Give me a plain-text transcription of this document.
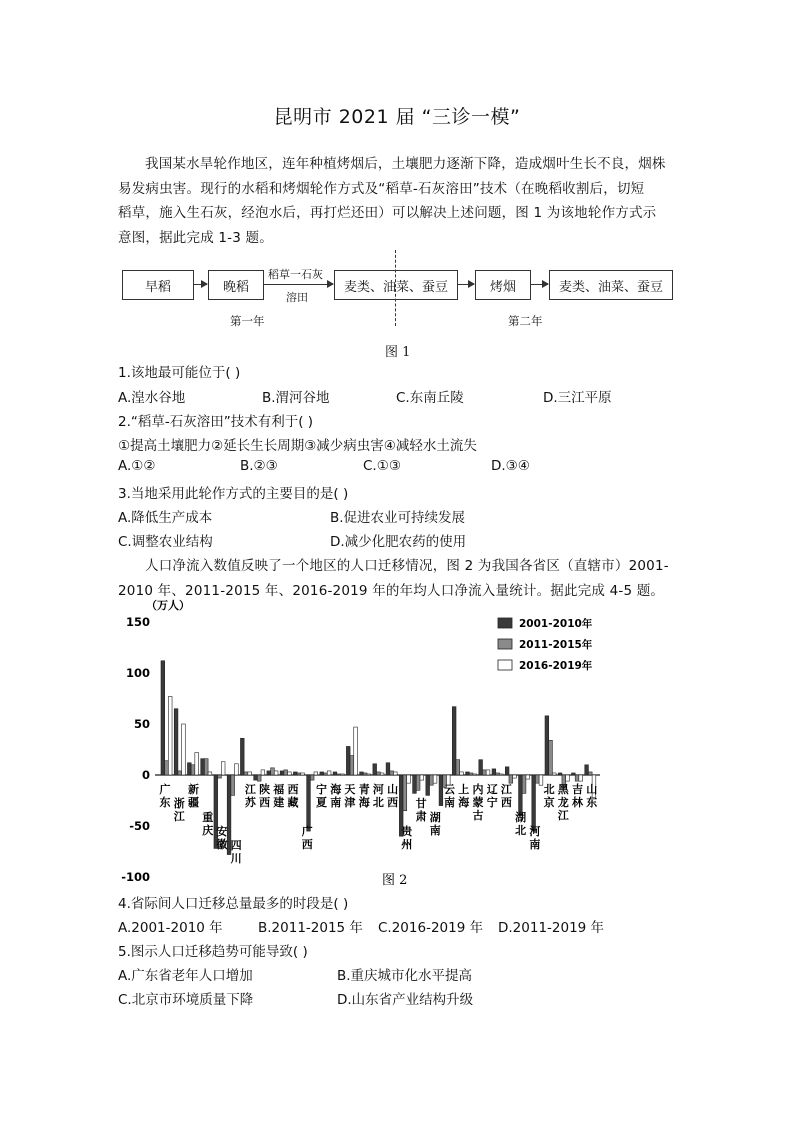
昆明市 2021 届 “三诊一模”
我国某水旱轮作地区，连年种植烤烟后，土壤肥力逐渐下降，造成烟叶生长不良，烟株
易发病虫害。现行的水稻和烤烟轮作方式及“稻草-石灰溶田”技术（在晚稻收割后，切短
稻草，施入生石灰，经泡水后，再打烂还田）可以解决上述问题，图 1 为该地轮作方式示
意图，据此完成 1-3 题。
早稻	晚稻
稻草一石灰
溶田
麦类、油菜、蚕豆	烤烟	麦类、油菜、蚕豆
第一年	第二年
图 1
1.该地最可能位于( )
A.湟水谷地	B.渭河谷地	C.东南丘陵	D.三江平原
2.“稻草-石灰溶田”技术有利于( )
①提高土壤肥力②延长生长周期③减少病虫害④减轻水土流失
A.①②	B.②③	C.①③	D.③④
3.当地采用此轮作方式的主要目的是( )
A.降低生产成本	B.促进农业可持续发展
C.调整农业结构	D.减少化肥农药的使用
人口净流入数值反映了一个地区的人口迁移情况，图 2 为我国各省区（直辖市）2001-
2010 年、2011-2015 年、2016-2019 年的年均人口净流入量统计。据此完成 4-5 题。
（万人）
150
100
50
0
-50
-100
广东 浙江
新疆
重庆 安徽 四川
江苏
陕西
福建
西藏
广西
宁夏
海南
天津
青海
河北
山西
贵州
甘肃 湖南
云南
上海
内蒙古
辽宁
江西
湖北 河南
北京
黑龙江
吉林
山东
2001-2010年
2011-2015年
2016-2019年
图 2
4.省际间人口迁移总量最多的时段是( )
A.2001-2010 年	B.2011-2015 年 C.2016-2019 年 D.2011-2019 年
5.图示人口迁移趋势可能导致( )
A.广东省老年人口增加	B.重庆城市化水平提高
C.北京市环境质量下降	D.山东省产业结构升级
